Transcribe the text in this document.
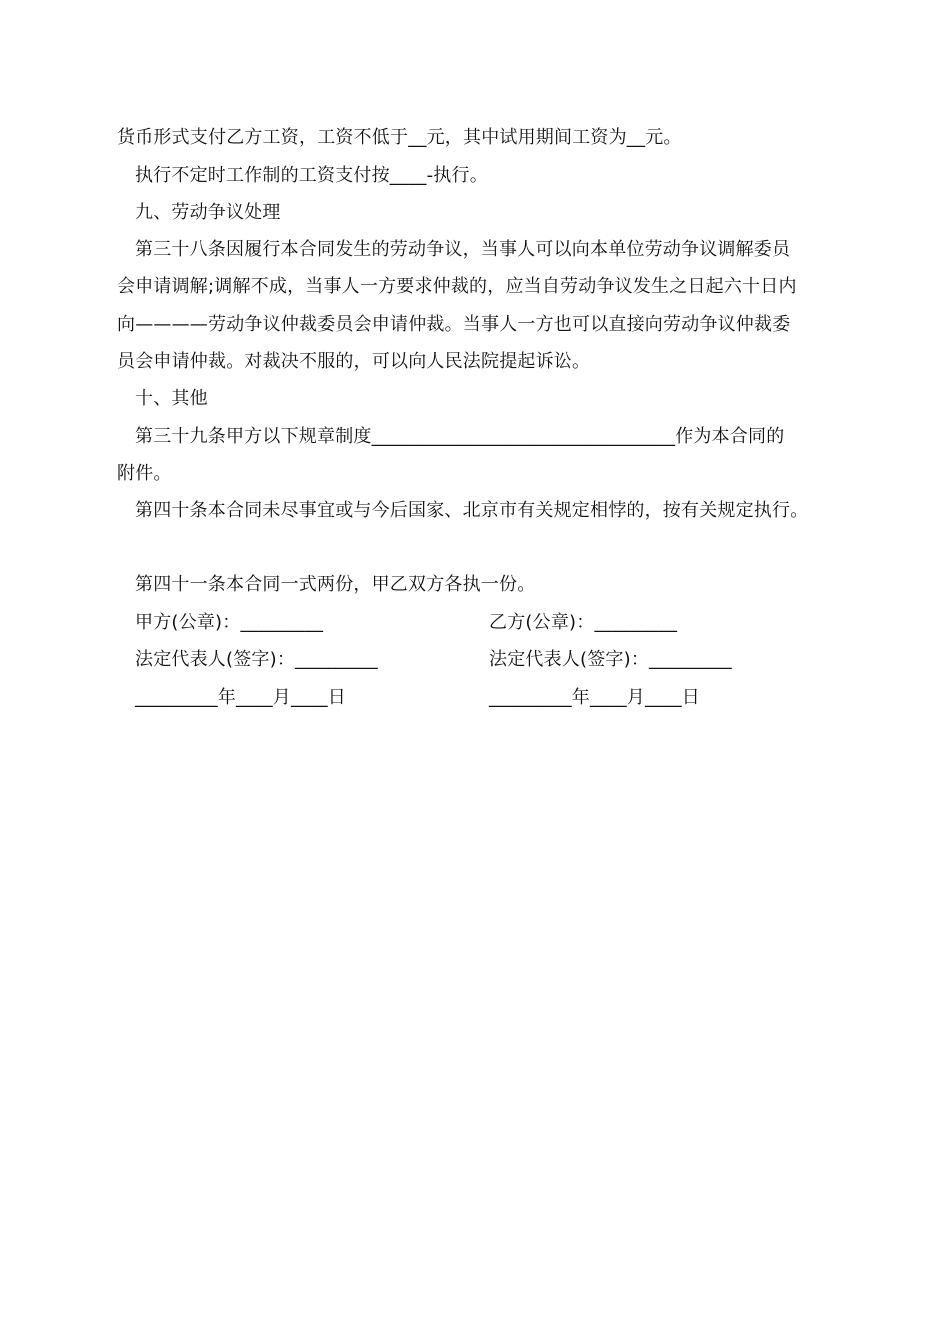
货币形式支付乙方工资，工资不低于__元，其中试用期间工资为__元。
执行不定时工作制的工资支付按____-执行。
九、劳动争议处理
第三十八条因履行本合同发生的劳动争议，当事人可以向本单位劳动争议调解委员
会申请调解;调解不成，当事人一方要求仲裁的，应当自劳动争议发生之日起六十日内
向————劳动争议仲裁委员会申请仲裁。当事人一方也可以直接向劳动争议仲裁委
员会申请仲裁。对裁决不服的，可以向人民法院提起诉讼。
十、其他
第三十九条甲方以下规章制度_________________________________作为本合同的
附件。
第四十条本合同未尽事宜或与今后国家、北京市有关规定相悖的，按有关规定执行。
第四十一条本合同一式两份，甲乙双方各执一份。
甲方(公章)：_________	乙方(公章)：_________
法定代表人(签字)：_________	法定代表人(签字)：_________
_________年____月____日	_________年____月____日
